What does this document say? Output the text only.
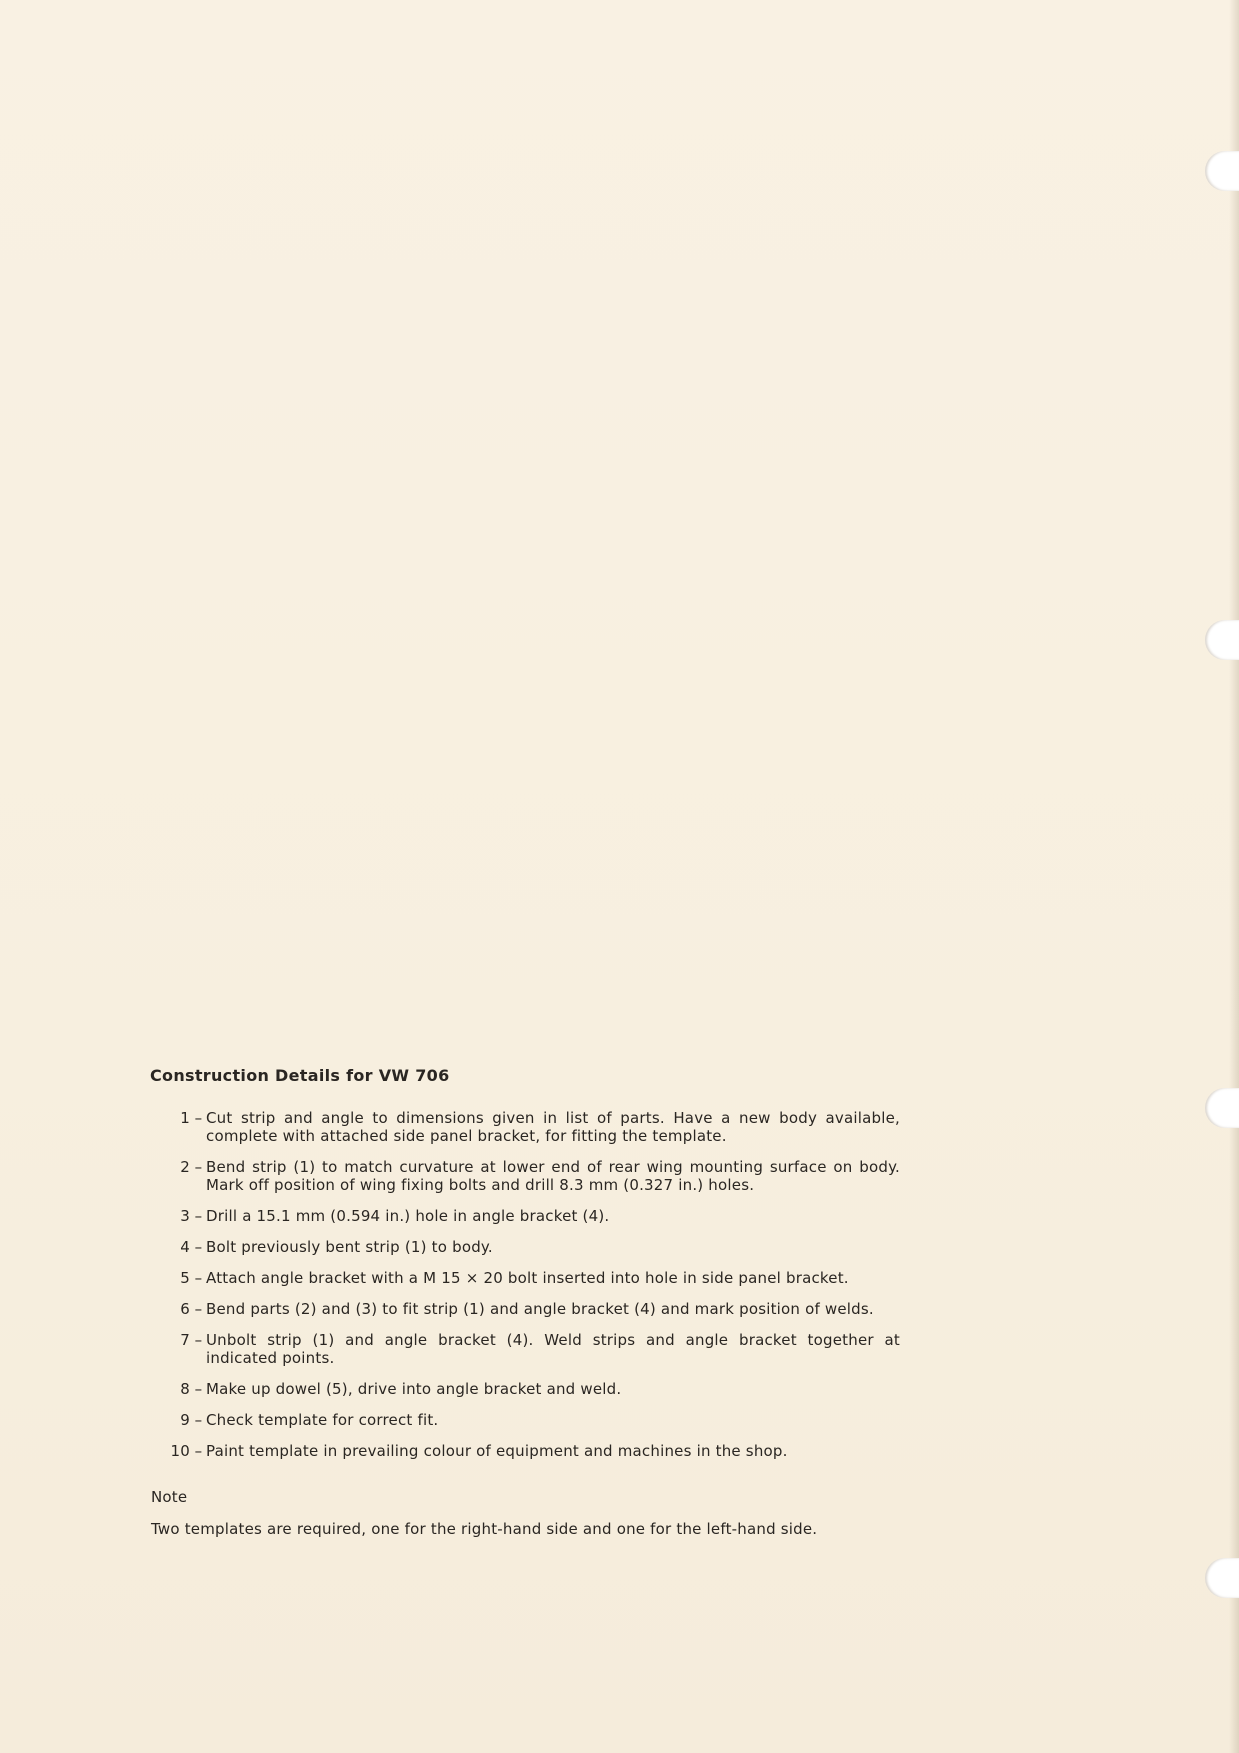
Construction Details for VW 706
1 – Cut strip and angle to dimensions given in list of parts. Have a new body available, complete with attached side panel bracket, for fitting the template.
2 – Bend strip (1) to match curvature at lower end of rear wing mounting surface on body. Mark off position of wing fixing bolts and drill 8.3 mm (0.327 in.) holes.
3 – Drill a 15.1 mm (0.594 in.) hole in angle bracket (4).
4 – Bolt previously bent strip (1) to body.
5 – Attach angle bracket with a M 15 × 20 bolt inserted into hole in side panel bracket.
6 – Bend parts (2) and (3) to fit strip (1) and angle bracket (4) and mark position of welds.
7 – Unbolt strip (1) and angle bracket (4). Weld strips and angle bracket together at indicated points.
8 – Make up dowel (5), drive into angle bracket and weld.
9 – Check template for correct fit.
10 – Paint template in prevailing colour of equipment and machines in the shop.
Note
Two templates are required, one for the right-hand side and one for the left-hand side.
